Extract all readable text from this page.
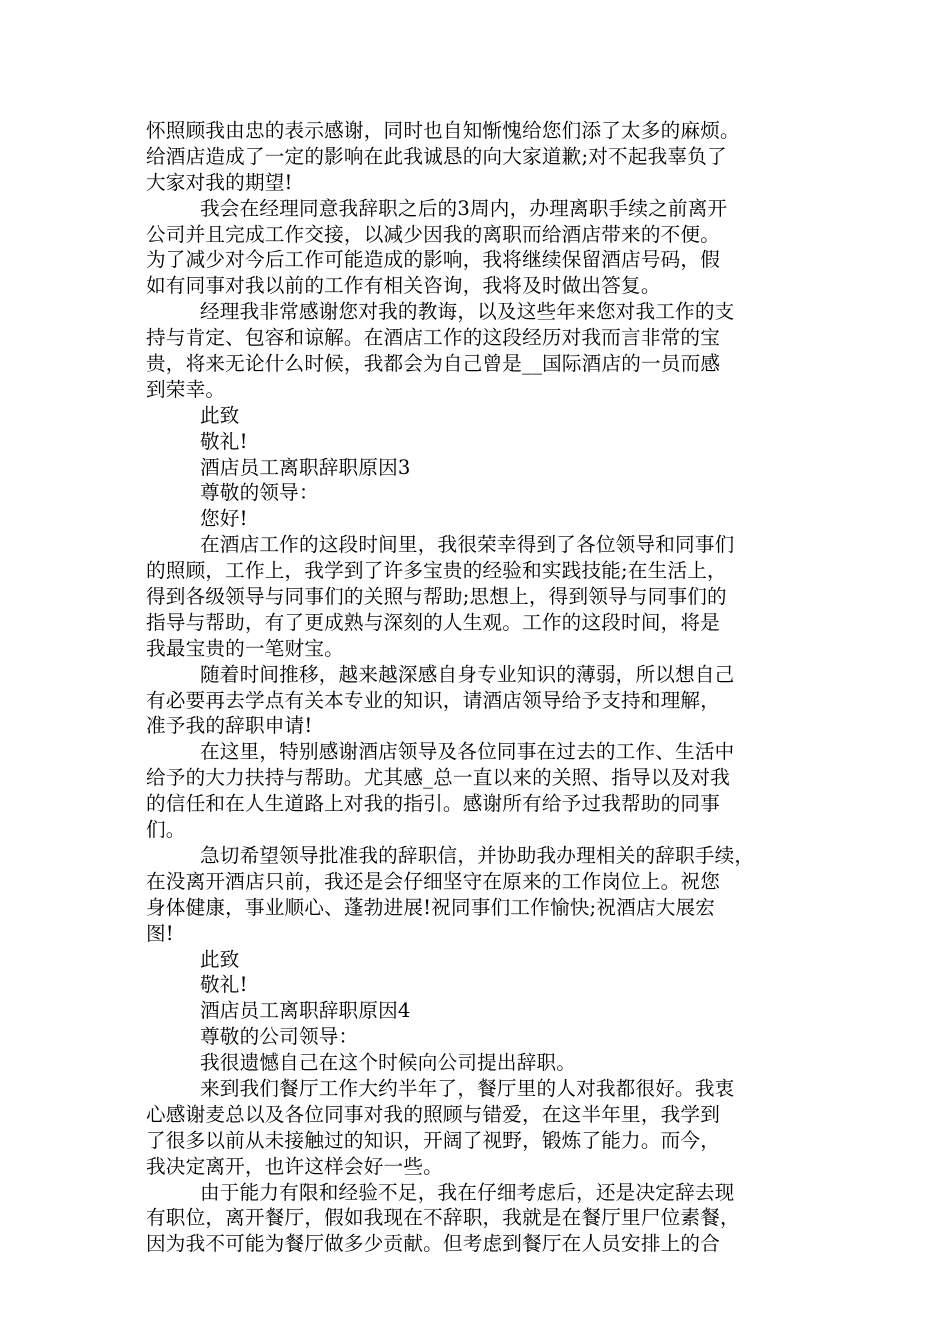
怀照顾我由忠的表示感谢，同时也自知惭愧给您们添了太多的麻烦。
给酒店造成了一定的影响在此我诚恳的向大家道歉;对不起我辜负了
大家对我的期望!
我会在经理同意我辞职之后的3周内，办理离职手续之前离开
公司并且完成工作交接，以减少因我的离职而给酒店带来的不便。
为了减少对今后工作可能造成的影响，我将继续保留酒店号码，假
如有同事对我以前的工作有相关咨询，我将及时做出答复。
经理我非常感谢您对我的教诲，以及这些年来您对我工作的支
持与肯定、包容和谅解。在酒店工作的这段经历对我而言非常的宝
贵，将来无论什么时候，我都会为自己曾是__国际酒店的一员而感
到荣幸。
此致
敬礼!
酒店员工离职辞职原因3
尊敬的领导：
您好!
在酒店工作的这段时间里，我很荣幸得到了各位领导和同事们
的照顾，工作上，我学到了许多宝贵的经验和实践技能;在生活上，
得到各级领导与同事们的关照与帮助;思想上，得到领导与同事们的
指导与帮助，有了更成熟与深刻的人生观。工作的这段时间，将是
我最宝贵的一笔财宝。
随着时间推移，越来越深感自身专业知识的薄弱，所以想自己
有必要再去学点有关本专业的知识，请酒店领导给予支持和理解，
准予我的辞职申请!
在这里，特别感谢酒店领导及各位同事在过去的工作、生活中
给予的大力扶持与帮助。尤其感_总一直以来的关照、指导以及对我
的信任和在人生道路上对我的指引。感谢所有给予过我帮助的同事
们。
急切希望领导批准我的辞职信，并协助我办理相关的辞职手续，
在没离开酒店只前，我还是会仔细坚守在原来的工作岗位上。祝您
身体健康，事业顺心、蓬勃进展!祝同事们工作愉快;祝酒店大展宏
图!
此致
敬礼!
酒店员工离职辞职原因4
尊敬的公司领导：
我很遗憾自己在这个时候向公司提出辞职。
来到我们餐厅工作大约半年了，餐厅里的人对我都很好。我衷
心感谢麦总以及各位同事对我的照顾与错爱，在这半年里，我学到
了很多以前从未接触过的知识，开阔了视野，锻炼了能力。而今，
我决定离开，也许这样会好一些。
由于能力有限和经验不足，我在仔细考虑后，还是决定辞去现
有职位，离开餐厅，假如我现在不辞职，我就是在餐厅里尸位素餐，
因为我不可能为餐厅做多少贡献。但考虑到餐厅在人员安排上的合
